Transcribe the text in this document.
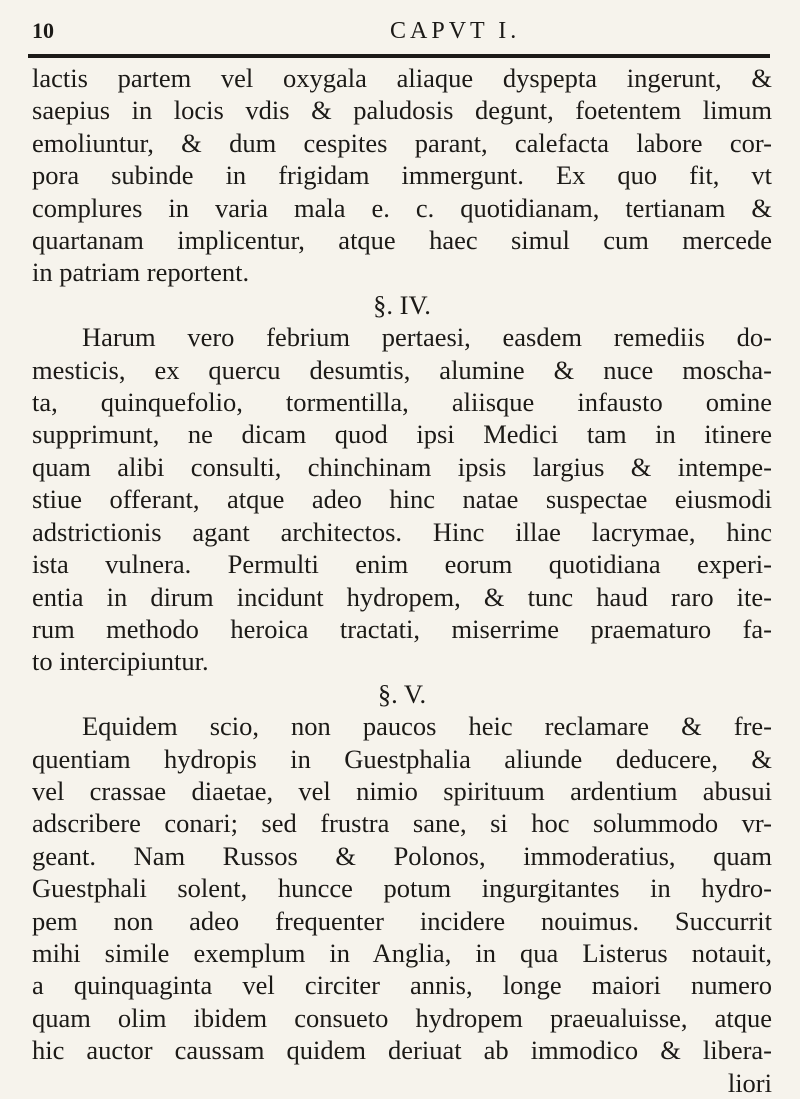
10	CAPVT I.
lactis partem vel oxygala aliaque dyspepta ingerunt, &
saepius in locis vdis & paludosis degunt, foetentem limum
emoliuntur, & dum cespites parant, calefacta labore cor-
pora subinde in frigidam immergunt. Ex quo fit, vt
complures in varia mala e. c. quotidianam, tertianam &
quartanam implicentur, atque haec simul cum mercede
in patriam reportent.
§. IV.
Harum vero febrium pertaesi, easdem remediis do-
mesticis, ex quercu desumtis, alumine & nuce moscha-
ta, quinquefolio, tormentilla, aliisque infausto omine
supprimunt, ne dicam quod ipsi Medici tam in itinere
quam alibi consulti, chinchinam ipsis largius & intempe-
stiue offerant, atque adeo hinc natae suspectae eiusmodi
adstrictionis agant architectos. Hinc illae lacrymae, hinc
ista vulnera. Permulti enim eorum quotidiana experi-
entia in dirum incidunt hydropem, & tunc haud raro ite-
rum methodo heroica tractati, miserrime praematuro fa-
to intercipiuntur.
§. V.
Equidem scio, non paucos heic reclamare & fre-
quentiam hydropis in Guestphalia aliunde deducere, &
vel crassae diaetae, vel nimio spirituum ardentium abusui
adscribere conari; sed frustra sane, si hoc solummodo vr-
geant. Nam Russos & Polonos, immoderatius, quam
Guestphali solent, huncce potum ingurgitantes in hydro-
pem non adeo frequenter incidere nouimus. Succurrit
mihi simile exemplum in Anglia, in qua Listerus notauit,
a quinquaginta vel circiter annis, longe maiori numero
quam olim ibidem consueto hydropem praeualuisse, atque
hic auctor caussam quidem deriuat ab immodico & libera-
liori
